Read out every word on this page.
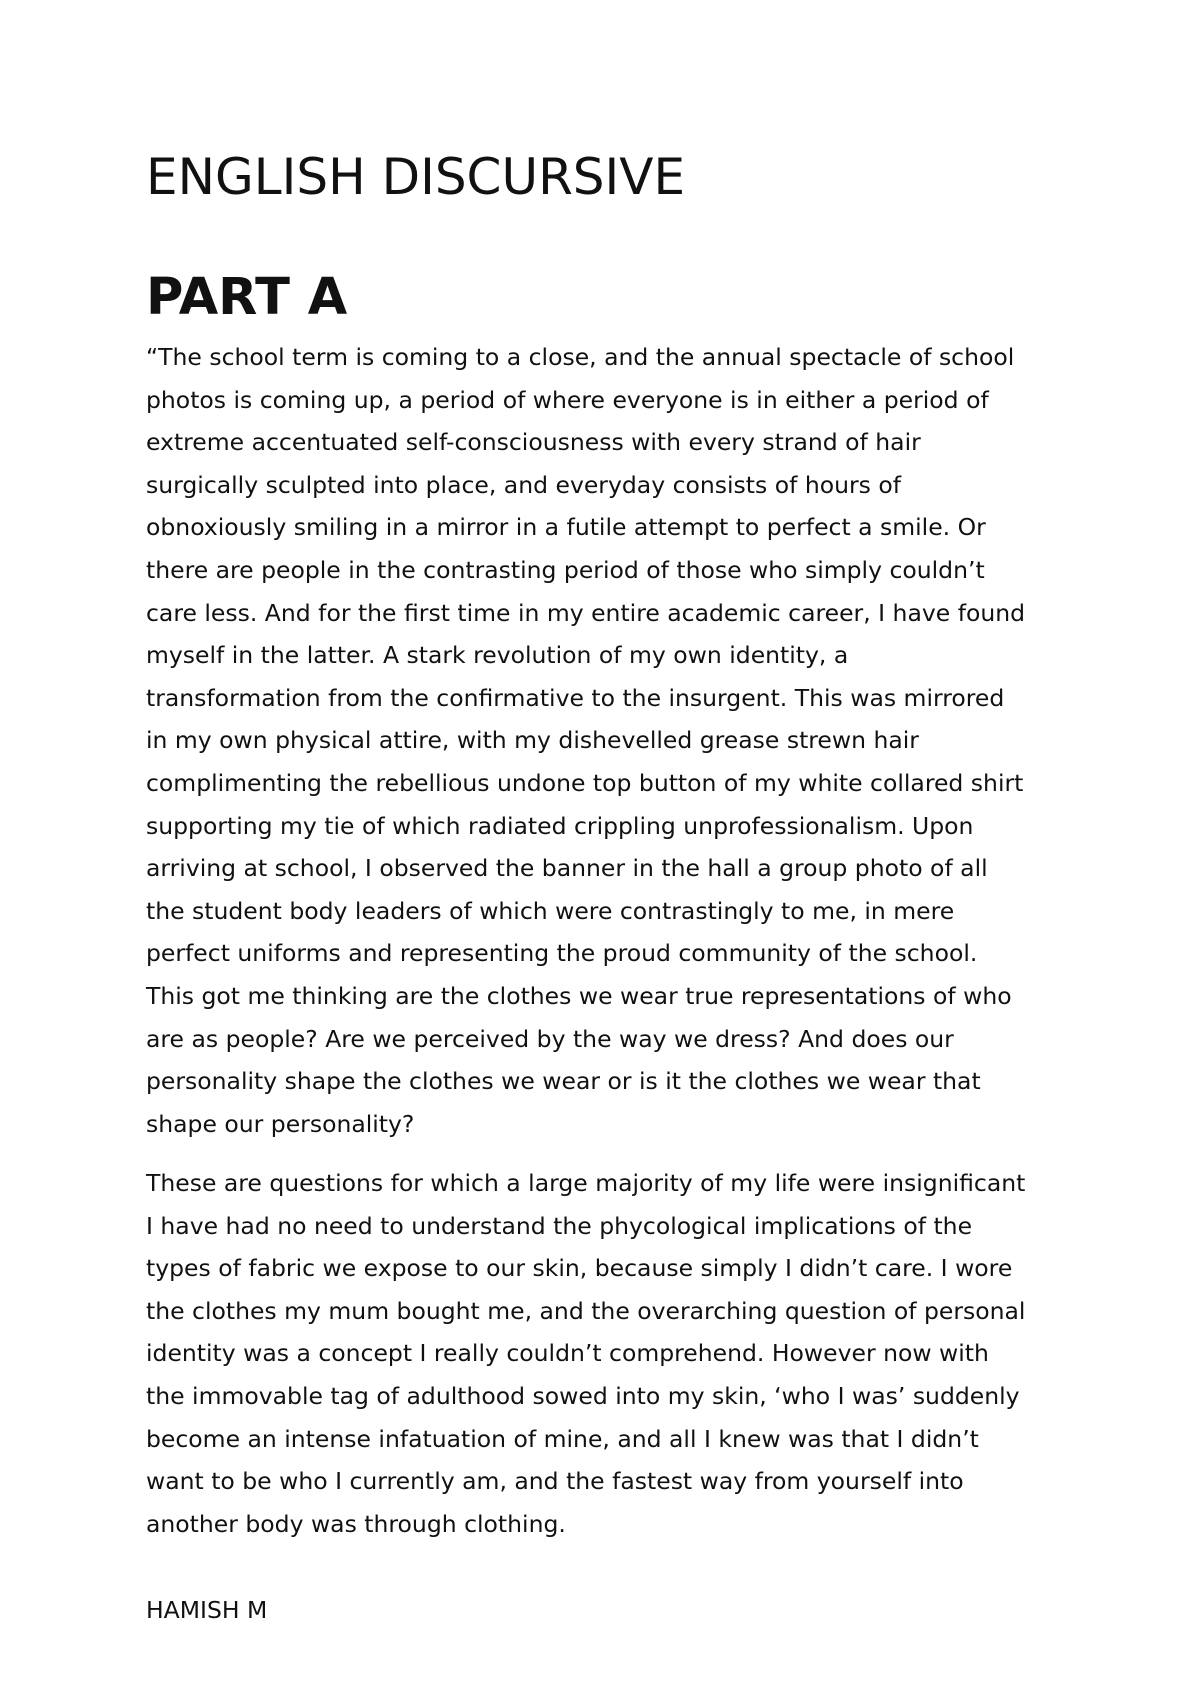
ENGLISH DISCURSIVE
PART A
“The school term is coming to a close, and the annual spectacle of school
photos is coming up, a period of where everyone is in either a period of
extreme accentuated self-consciousness with every strand of hair
surgically sculpted into place, and everyday consists of hours of
obnoxiously smiling in a mirror in a futile attempt to perfect a smile. Or
there are people in the contrasting period of those who simply couldn’t
care less. And for the first time in my entire academic career, I have found
myself in the latter. A stark revolution of my own identity, a
transformation from the confirmative to the insurgent. This was mirrored
in my own physical attire, with my dishevelled grease strewn hair
complimenting the rebellious undone top button of my white collared shirt
supporting my tie of which radiated crippling unprofessionalism. Upon
arriving at school, I observed the banner in the hall a group photo of all
the student body leaders of which were contrastingly to me, in mere
perfect uniforms and representing the proud community of the school.
This got me thinking are the clothes we wear true representations of who
are as people? Are we perceived by the way we dress? And does our
personality shape the clothes we wear or is it the clothes we wear that
shape our personality?
These are questions for which a large majority of my life were insignificant
I have had no need to understand the phycological implications of the
types of fabric we expose to our skin, because simply I didn’t care. I wore
the clothes my mum bought me, and the overarching question of personal
identity was a concept I really couldn’t comprehend. However now with
the immovable tag of adulthood sowed into my skin, ‘who I was’ suddenly
become an intense infatuation of mine, and all I knew was that I didn’t
want to be who I currently am, and the fastest way from yourself into
another body was through clothing.
HAMISH M
